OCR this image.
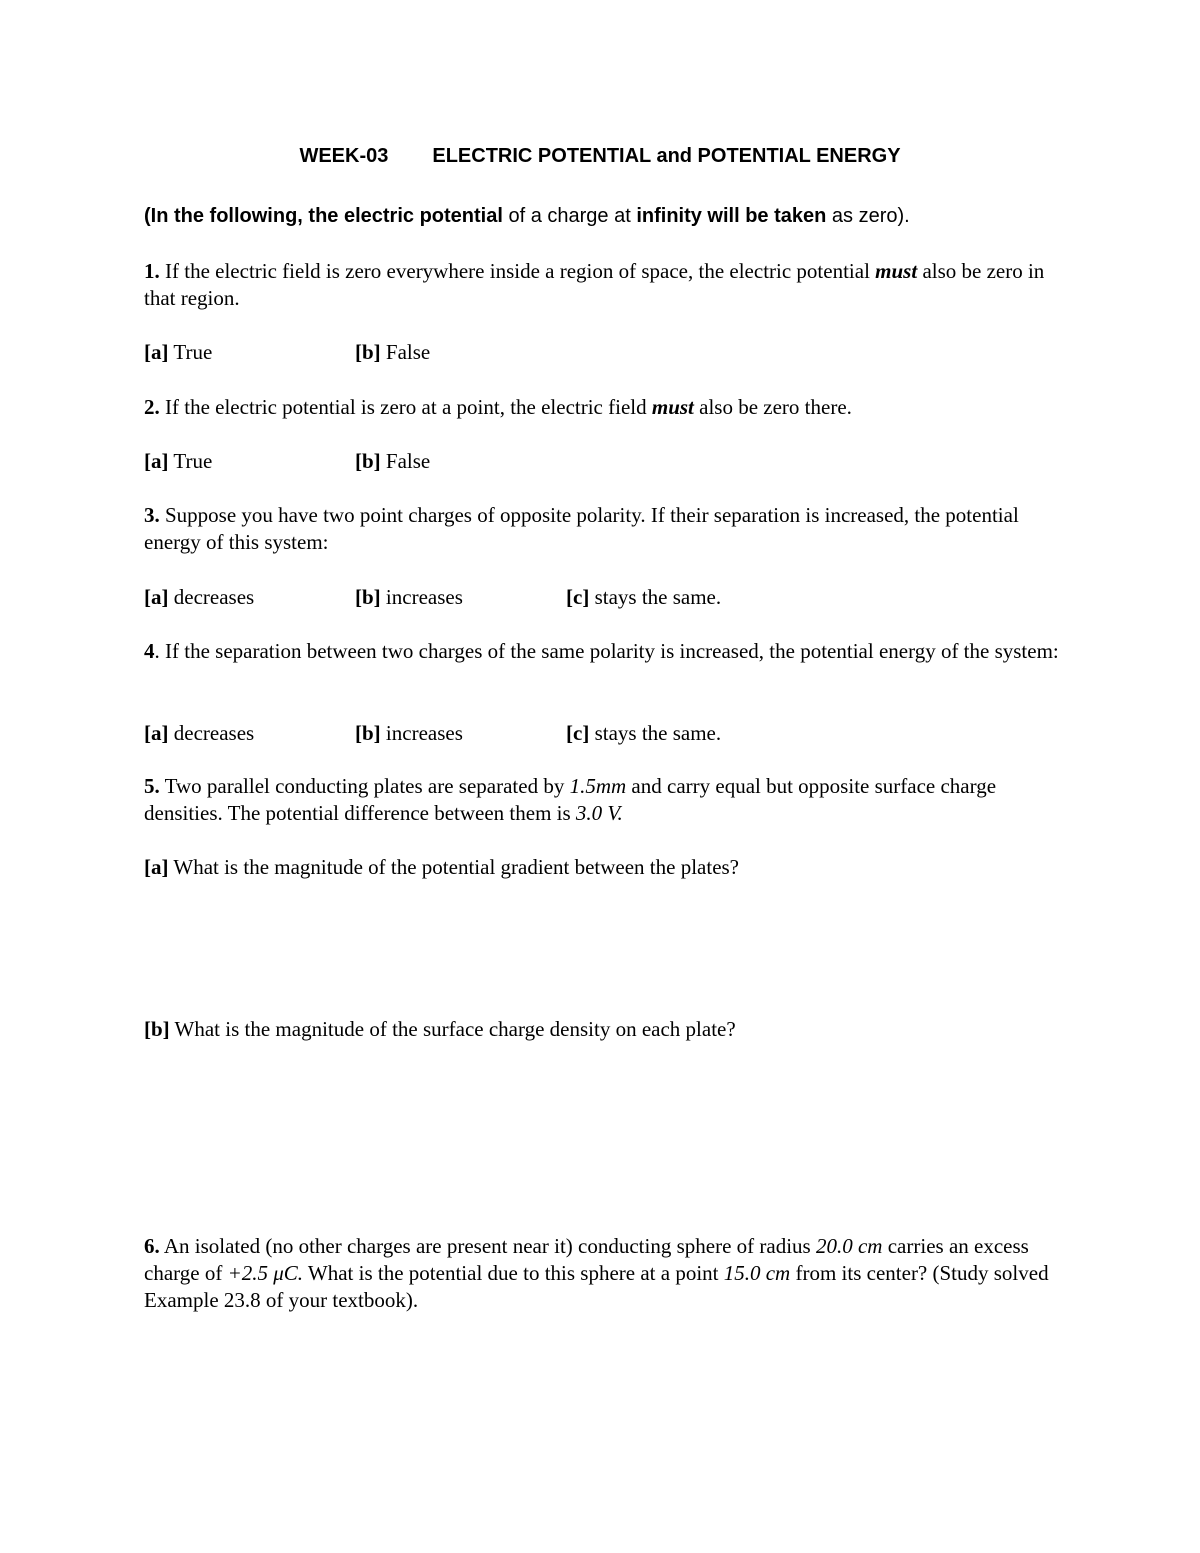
WEEK-03 ELECTRIC POTENTIAL and POTENTIAL ENERGY
(In the following, the electric potential of a charge at infinity will be taken as zero).
1. If the electric field is zero everywhere inside a region of space, the electric potential must also be zero in that region.
[a] True	[b] False
2. If the electric potential is zero at a point, the electric field must also be zero there.
[a] True	[b] False
3. Suppose you have two point charges of opposite polarity. If their separation is increased, the potential energy of this system:
[a] decreases	[b] increases	[c] stays the same.
4. If the separation between two charges of the same polarity is increased, the potential energy of the system:
[a] decreases	[b] increases	[c] stays the same.
5. Two parallel conducting plates are separated by 1.5mm and carry equal but opposite surface charge densities. The potential difference between them is 3.0 V.
[a] What is the magnitude of the potential gradient between the plates?
[b] What is the magnitude of the surface charge density on each plate?
6. An isolated (no other charges are present near it) conducting sphere of radius 20.0 cm carries an excess charge of +2.5 μC. What is the potential due to this sphere at a point 15.0 cm from its center? (Study solved Example 23.8 of your textbook).
